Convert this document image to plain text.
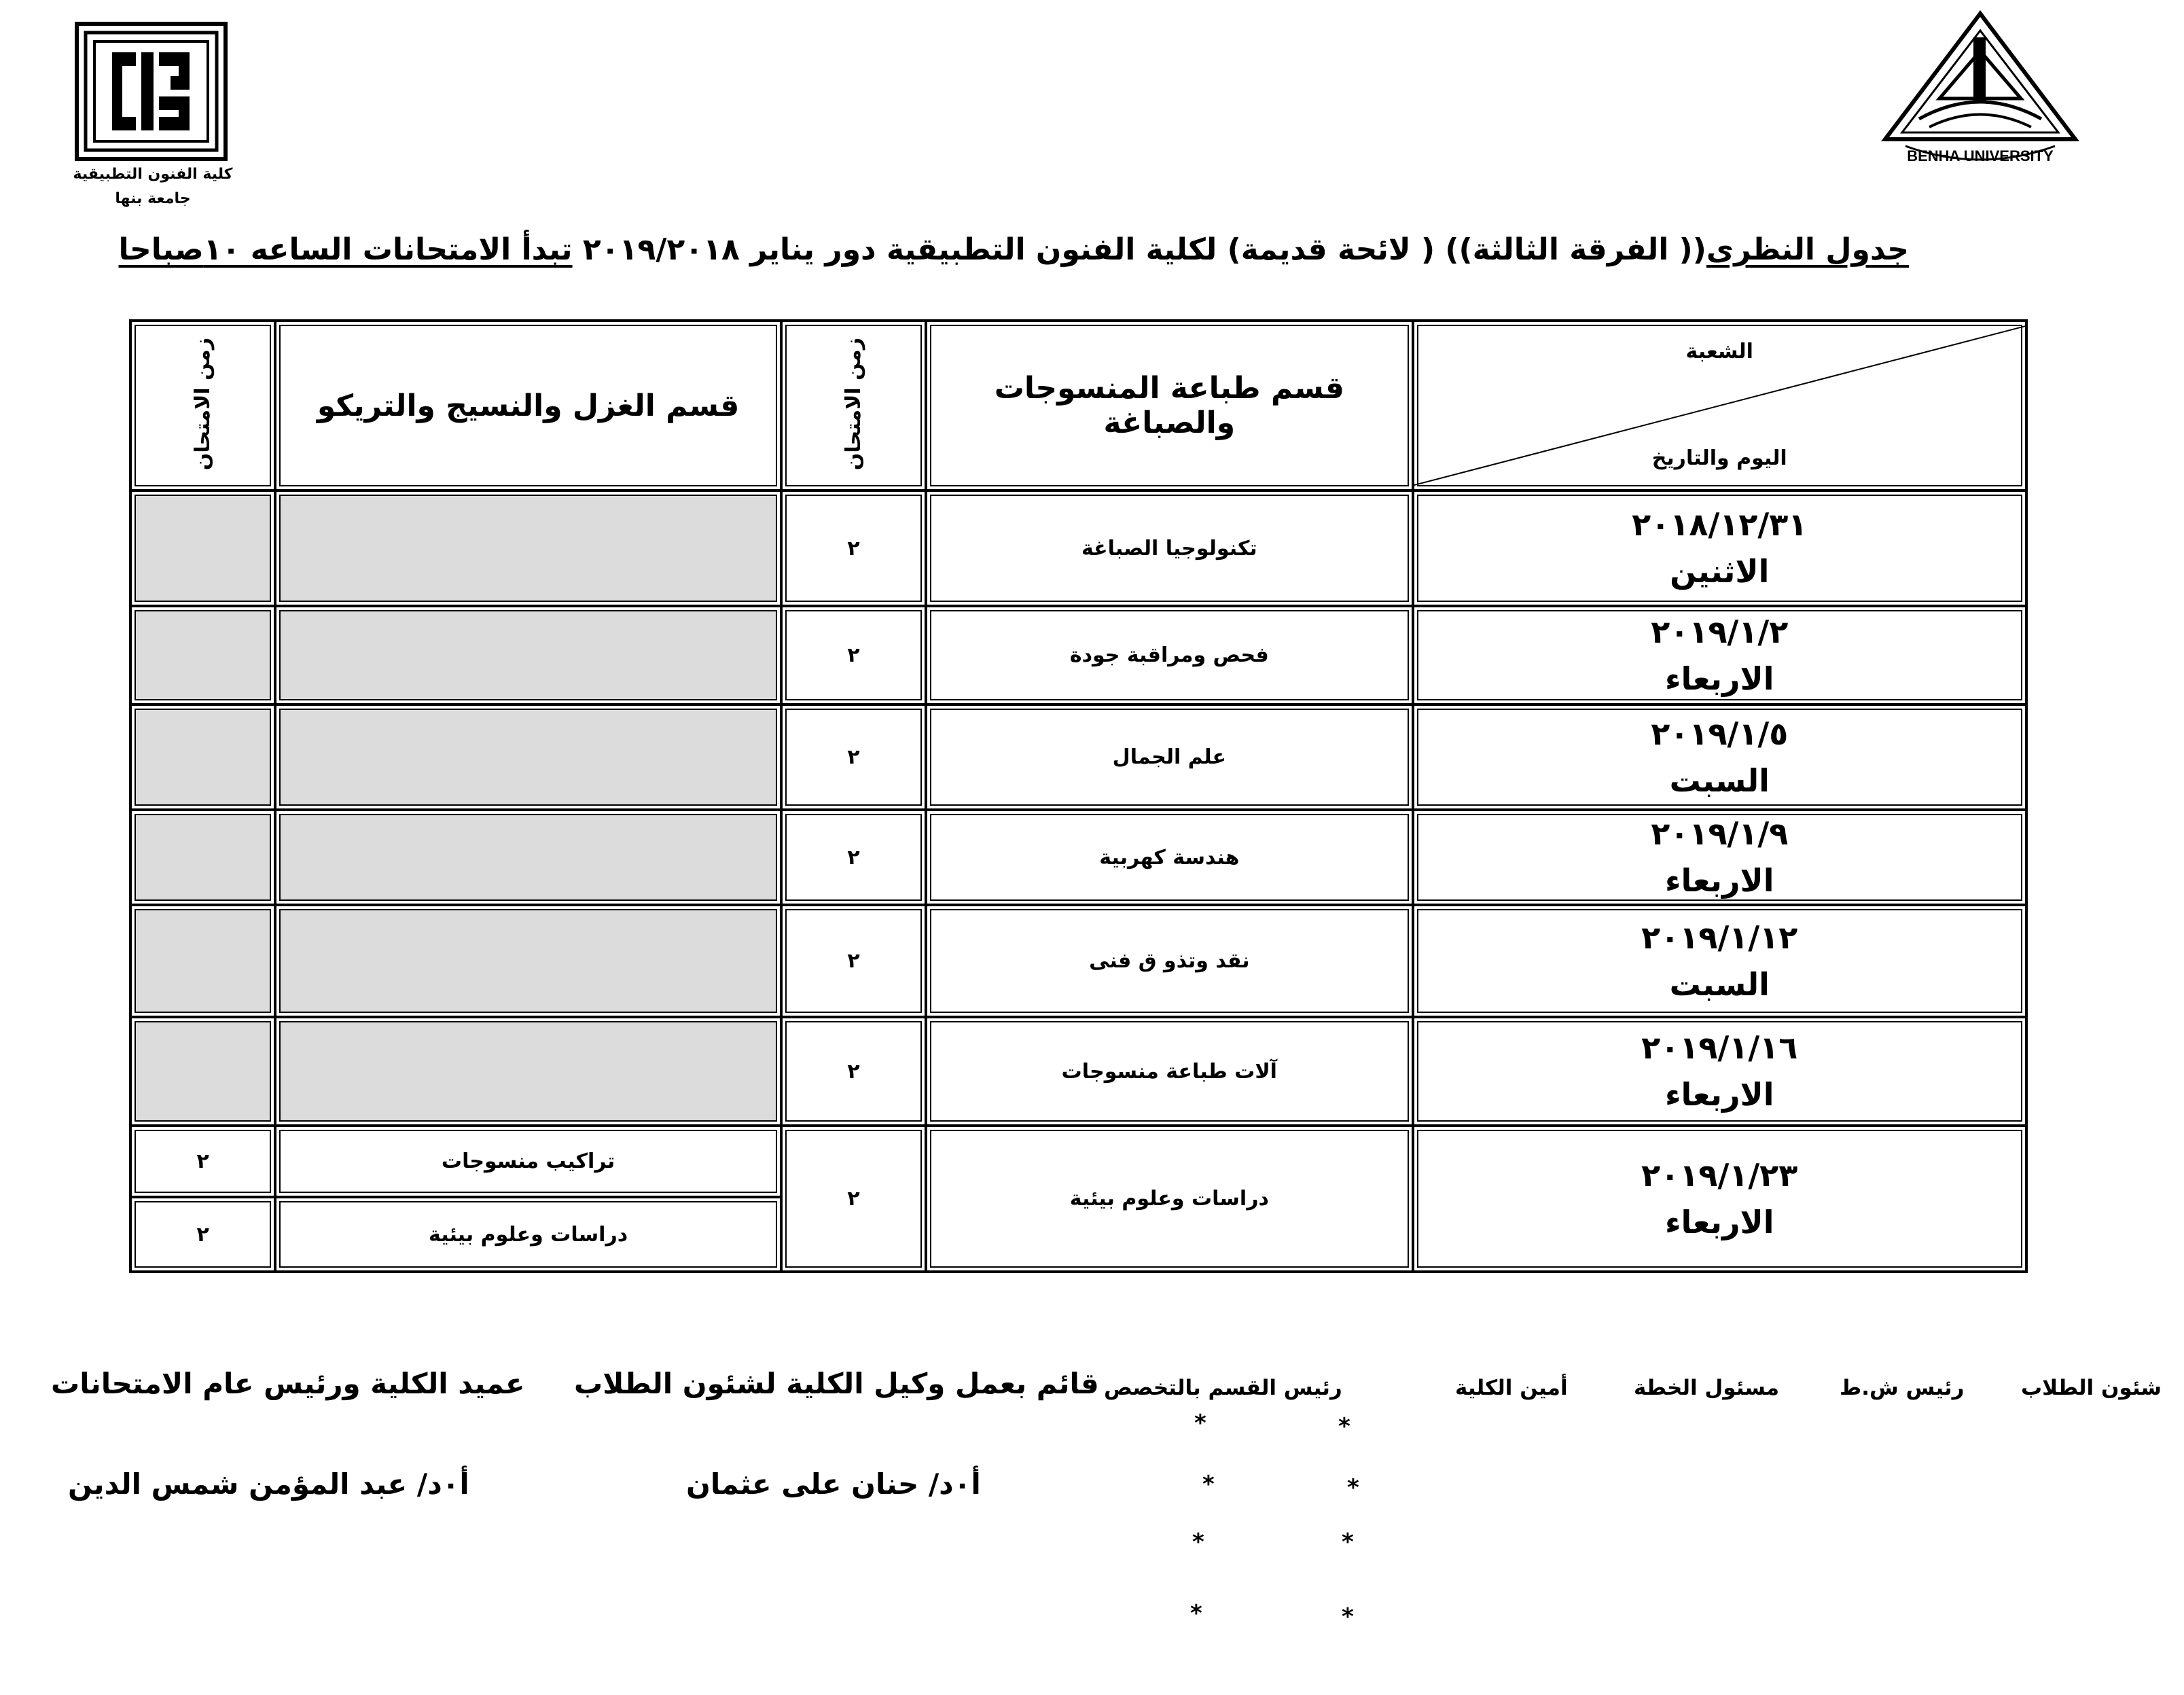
كلية الفنون التطبيقية
جامعة بنها
BENHA UNIVERSITY
جدول النظرى(( الفرقة الثالثة)) ( لائحة قديمة) لكلية الفنون التطبيقية دور يناير ٢٠١٩/٢٠١٨ تبدأ الامتحانات الساعه ١٠صباحا
الشعبة
اليوم والتاريخ	قسم طباعة المنسوجات والصباغة	زمن الامتحان	قسم الغزل والنسيج والتريكو	زمن الامتحان

٢٠١٨/١٢/٣١
الاثنين	تكنولوجيا الصباغة	٢		

٢٠١٩/١/٢
الاربعاء	فحص ومراقبة جودة	٢		

٢٠١٩/١/٥
السبت	علم الجمال	٢		

٢٠١٩/١/٩
الاربعاء	هندسة كهربية	٢		

٢٠١٩/١/١٢
السبت	نقد وتذو ق فنى	٢		

٢٠١٩/١/١٦
الاربعاء	آلات طباعة منسوجات	٢		

٢٠١٩/١/٢٣
الاربعاء	دراسات وعلوم بيئية	٢	تراكيب منسوجات	٢
			دراسات وعلوم بيئية	٢
شئون الطلاب
رئيس ش.ط
مسئول الخطة
أمين الكلية
رئيس القسم بالتخصص
قائم بعمل وكيل الكلية لشئون الطلاب
عميد الكلية ورئيس عام الامتحانات
أ٠د/ حنان على عثمان
أ٠د/ عبد المؤمن شمس الدين
*
*
*
*
*
*
*
*
